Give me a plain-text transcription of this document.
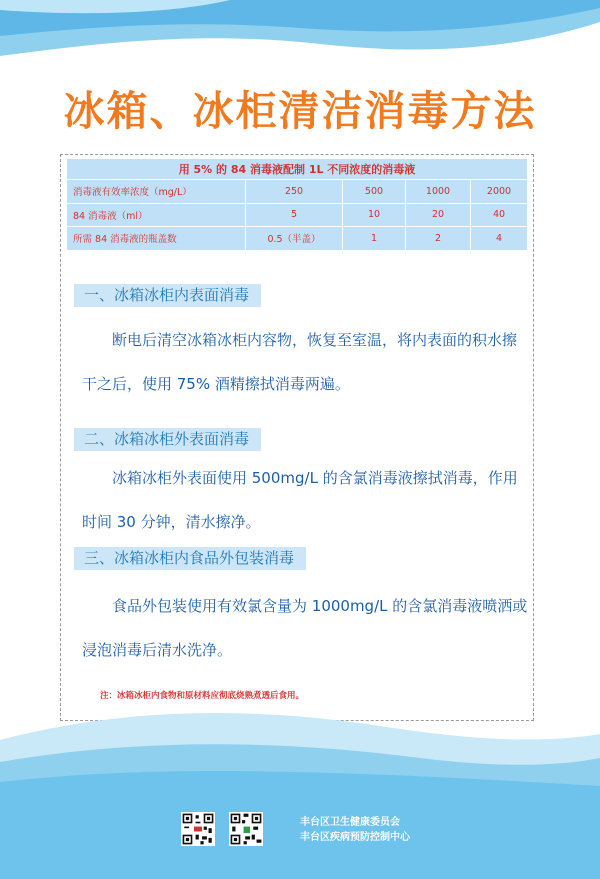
冰箱、冰柜清洁消毒方法
用 5% 的 84 消毒液配制 1L 不同浓度的消毒液				
消毒液有效率浓度（mg/L）	250	500	1000	2000
84 消毒液（ml）	5	10	20	40
所需 84 消毒液的瓶盖数	0.5（半盖）	1	2	4
一、冰箱冰柜内表面消毒
断电后清空冰箱冰柜内容物，恢复至室温，将内表面的积水擦干之后，使用 75% 酒精擦拭消毒两遍。
二、冰箱冰柜外表面消毒
冰箱冰柜外表面使用 500mg/L 的含氯消毒液擦拭消毒，作用时间 30 分钟，清水擦净。
三、冰箱冰柜内食品外包装消毒
食品外包装使用有效氯含量为 1000mg/L 的含氯消毒液喷洒或浸泡消毒后清水洗净。
注：冰箱冰柜内食物和原材料应彻底烧熟煮透后食用。
丰台区卫生健康委员会
丰台区疾病预防控制中心
